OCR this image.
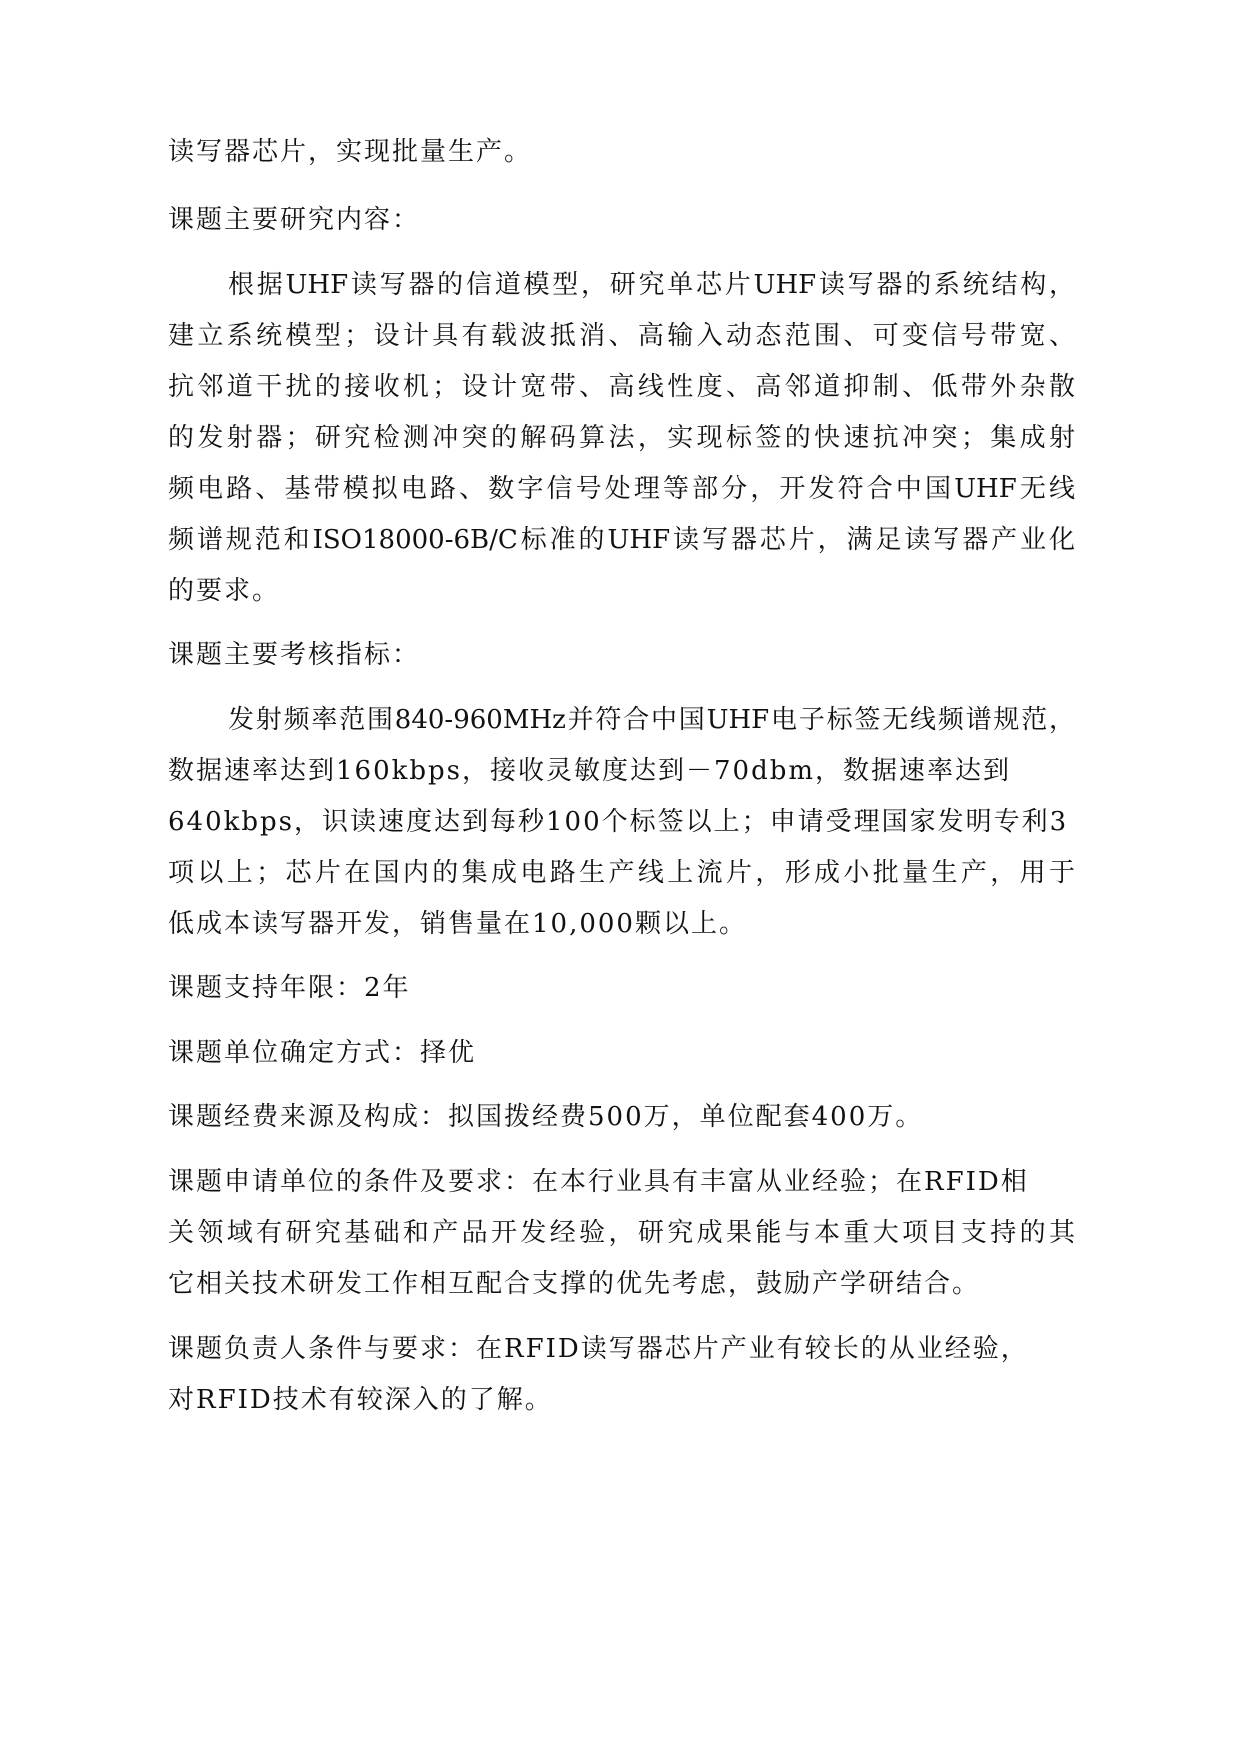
读写器芯片，实现批量生产。
课题主要研究内容：
根据UHF读写器的信道模型，研究单芯片UHF读写器的系统结构，
建立系统模型；设计具有载波抵消、高输入动态范围、可变信号带宽、
抗邻道干扰的接收机；设计宽带、高线性度、高邻道抑制、低带外杂散
的发射器；研究检测冲突的解码算法，实现标签的快速抗冲突；集成射
频电路、基带模拟电路、数字信号处理等部分，开发符合中国UHF无线
频谱规范和ISO18000-6B/C标准的UHF读写器芯片，满足读写器产业化
的要求。
课题主要考核指标：
发射频率范围840-960MHz并符合中国UHF电子标签无线频谱规范，
数据速率达到160kbps，接收灵敏度达到－70dbm，数据速率达到
640kbps，识读速度达到每秒100个标签以上；申请受理国家发明专利3
项以上；芯片在国内的集成电路生产线上流片，形成小批量生产，用于
低成本读写器开发，销售量在10,000颗以上。
课题支持年限：2年
课题单位确定方式：择优
课题经费来源及构成：拟国拨经费500万，单位配套400万。
课题申请单位的条件及要求：在本行业具有丰富从业经验；在RFID相
关领域有研究基础和产品开发经验，研究成果能与本重大项目支持的其
它相关技术研发工作相互配合支撑的优先考虑，鼓励产学研结合。
课题负责人条件与要求：在RFID读写器芯片产业有较长的从业经验，
对RFID技术有较深入的了解。
